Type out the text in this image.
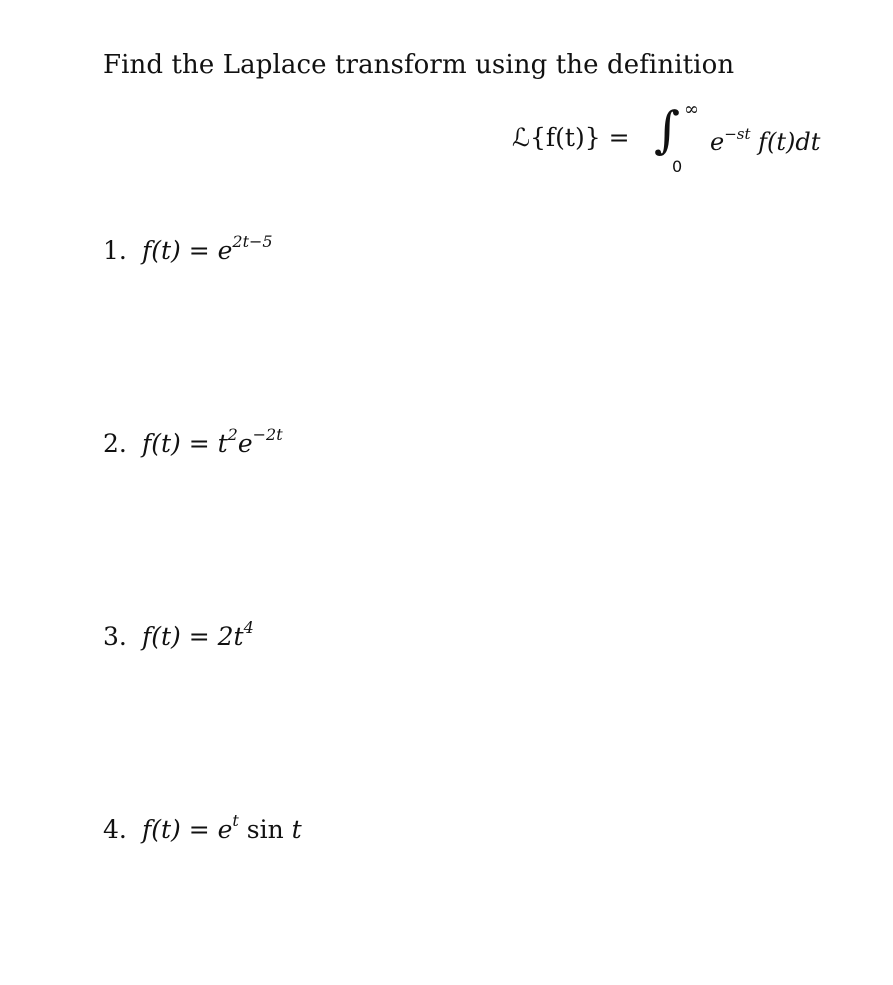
Find the Laplace transform using the definition
ℒ{f(t)} = ∫ ∞
0
$e^{-st}$ f(t)dt
1. $f(t) = e^{2t-5}$
2. $f(t) = t^2e^{-2t}$
3. $f(t) = 2t^4$
4. $f(t) = e^t$ sin t
